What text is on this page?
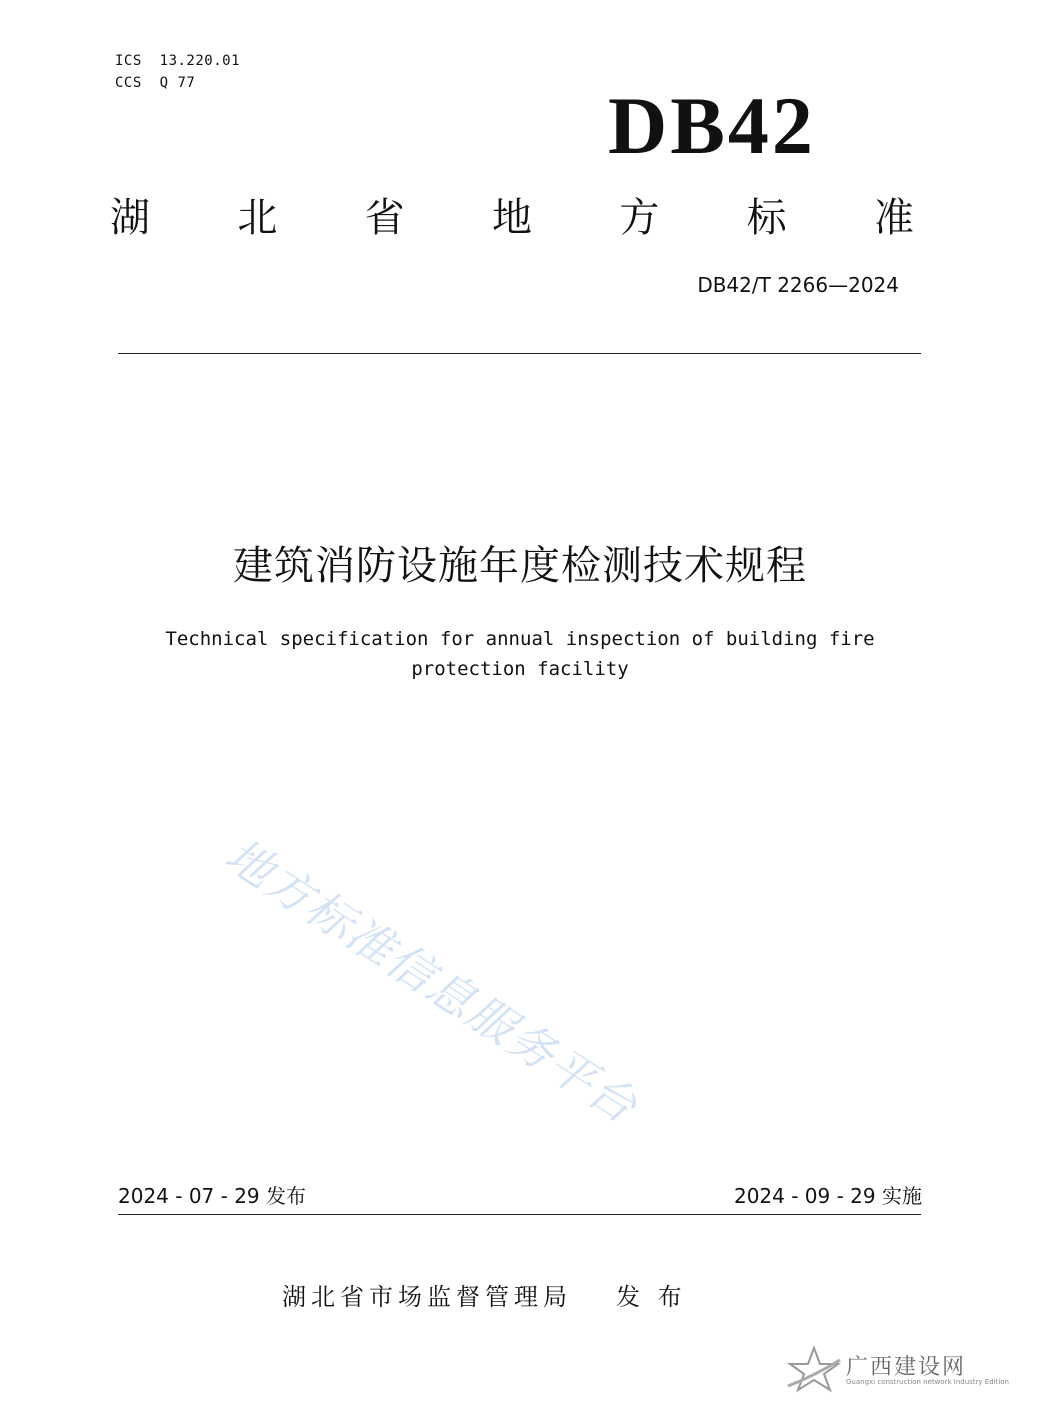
ICS  13.220.01
CCS  Q 77	DB42
湖 北 省 地 方 标 准
DB42/T 2266—2024
建筑消防设施年度检测技术规程
Technical specification for annual inspection of building fire
protection facility
地方标准信息服务平台
2024 - 07 - 29 发布	2024 - 09 - 29 实施
湖北省市场监督管理局 发 布
广西建设网
Guangxi construction network Industry Edition
